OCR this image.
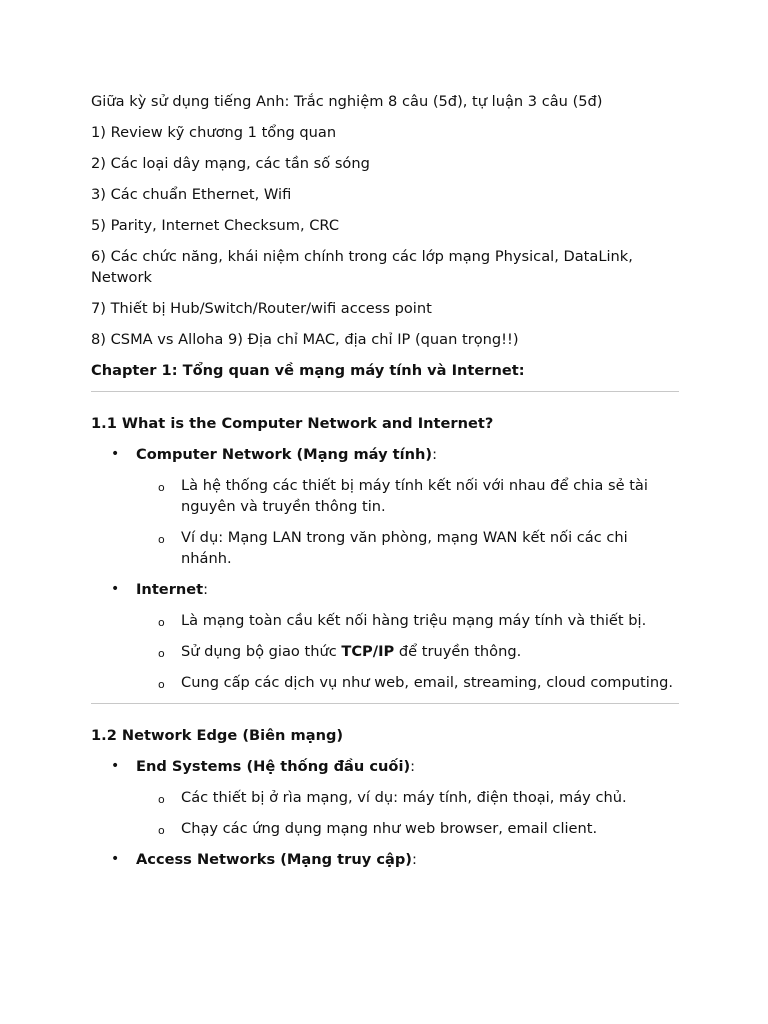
Giữa kỳ sử dụng tiếng Anh: Trắc nghiệm 8 câu (5đ), tự luận 3 câu (5đ)

1) Review kỹ chương 1 tổng quan

2) Các loại dây mạng, các tần số sóng

3) Các chuẩn Ethernet, Wifi

5) Parity, Internet Checksum, CRC

6) Các chức năng, khái niệm chính trong các lớp mạng Physical, DataLink, Network

7) Thiết bị Hub/Switch/Router/wifi access point

8) CSMA vs Alloha 9) Địa chỉ MAC, địa chỉ IP (quan trọng!!)

Chapter 1: Tổng quan về mạng máy tính và Internet:

1.1 What is the Computer Network and Internet?

• Computer Network (Mạng máy tính):
o Là hệ thống các thiết bị máy tính kết nối với nhau để chia sẻ tài nguyên và truyền thông tin.
o Ví dụ: Mạng LAN trong văn phòng, mạng WAN kết nối các chi nhánh.
• Internet:
o Là mạng toàn cầu kết nối hàng triệu mạng máy tính và thiết bị.
o Sử dụng bộ giao thức TCP/IP để truyền thông.
o Cung cấp các dịch vụ như web, email, streaming, cloud computing.

1.2 Network Edge (Biên mạng)

• End Systems (Hệ thống đầu cuối):
o Các thiết bị ở rìa mạng, ví dụ: máy tính, điện thoại, máy chủ.
o Chạy các ứng dụng mạng như web browser, email client.
• Access Networks (Mạng truy cập):
